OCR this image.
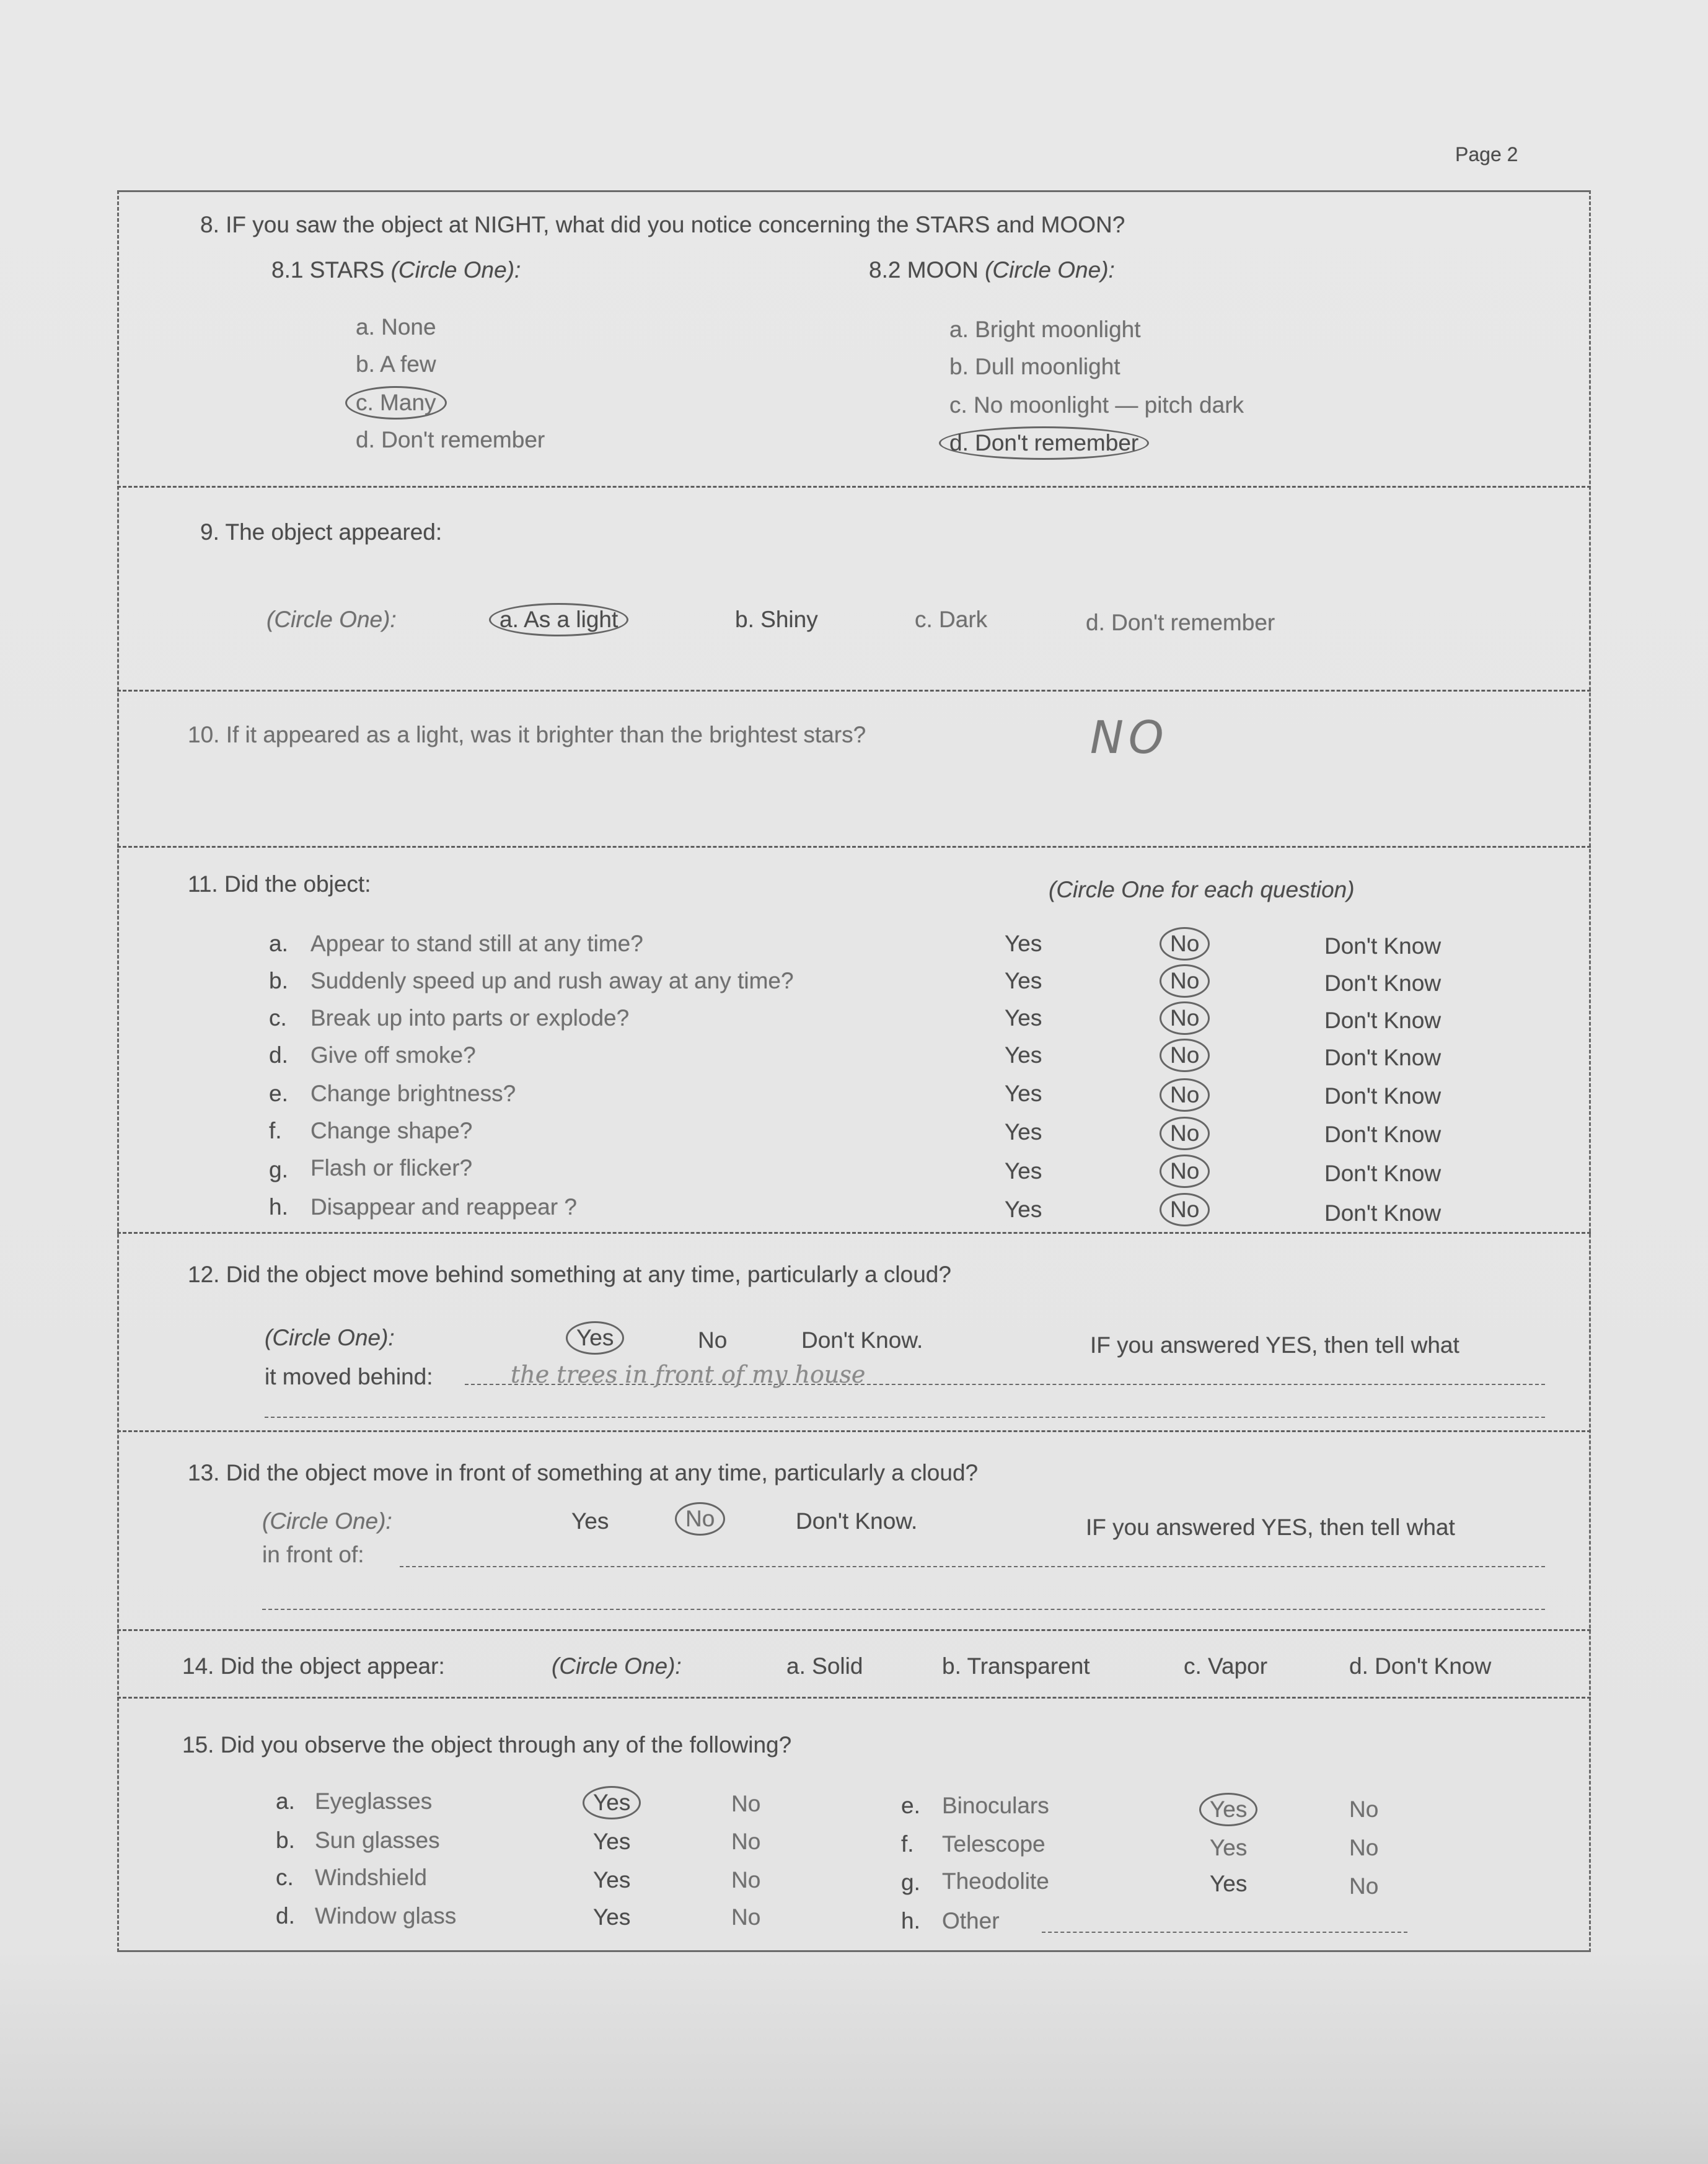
Page 2
8. IF you saw the object at NIGHT, what did you notice concerning the STARS and MOON?
8.1 STARS (Circle One):	8.2 MOON (Circle One):
a. None
b. A few
c. Many
d. Don't remember
a. Bright moonlight
b. Dull moonlight
c. No moonlight — pitch dark
d. Don't remember
9. The object appeared:
(Circle One):	a. As a light	b. Shiny	c. Dark	d. Don't remember
10. If it appeared as a light, was it brighter than the brightest stars?	NO
11. Did the object:	(Circle One for each question)
a. Appear to stand still at any time?	Yes	No	Don't Know
b. Suddenly speed up and rush away at any time?	Yes	No	Don't Know
c. Break up into parts or explode?	Yes	No	Don't Know
d. Give off smoke?	Yes	No	Don't Know
e. Change brightness?	Yes	No	Don't Know
f. Change shape?	Yes	No	Don't Know
g. Flash or flicker?	Yes	No	Don't Know
h. Disappear and reappear ?	Yes	No	Don't Know
12. Did the object move behind something at any time, particularly a cloud?
(Circle One):	Yes	No	Don't Know.	IF you answered YES, then tell what
it moved behind:	the trees in front of my house
13. Did the object move in front of something at any time, particularly a cloud?
(Circle One):	Yes	No	Don't Know.	IF you answered YES, then tell what
in front of:
14. Did the object appear:	(Circle One):	a. Solid	b. Transparent	c. Vapor	d. Don't Know
15. Did you observe the object through any of the following?
a. Eyeglasses	Yes	No
b. Sun glasses	Yes	No
c. Windshield	Yes	No
d. Window glass	Yes	No
e. Binoculars	Yes	No
f. Telescope	Yes	No
g. Theodolite	Yes	No
h. Other
